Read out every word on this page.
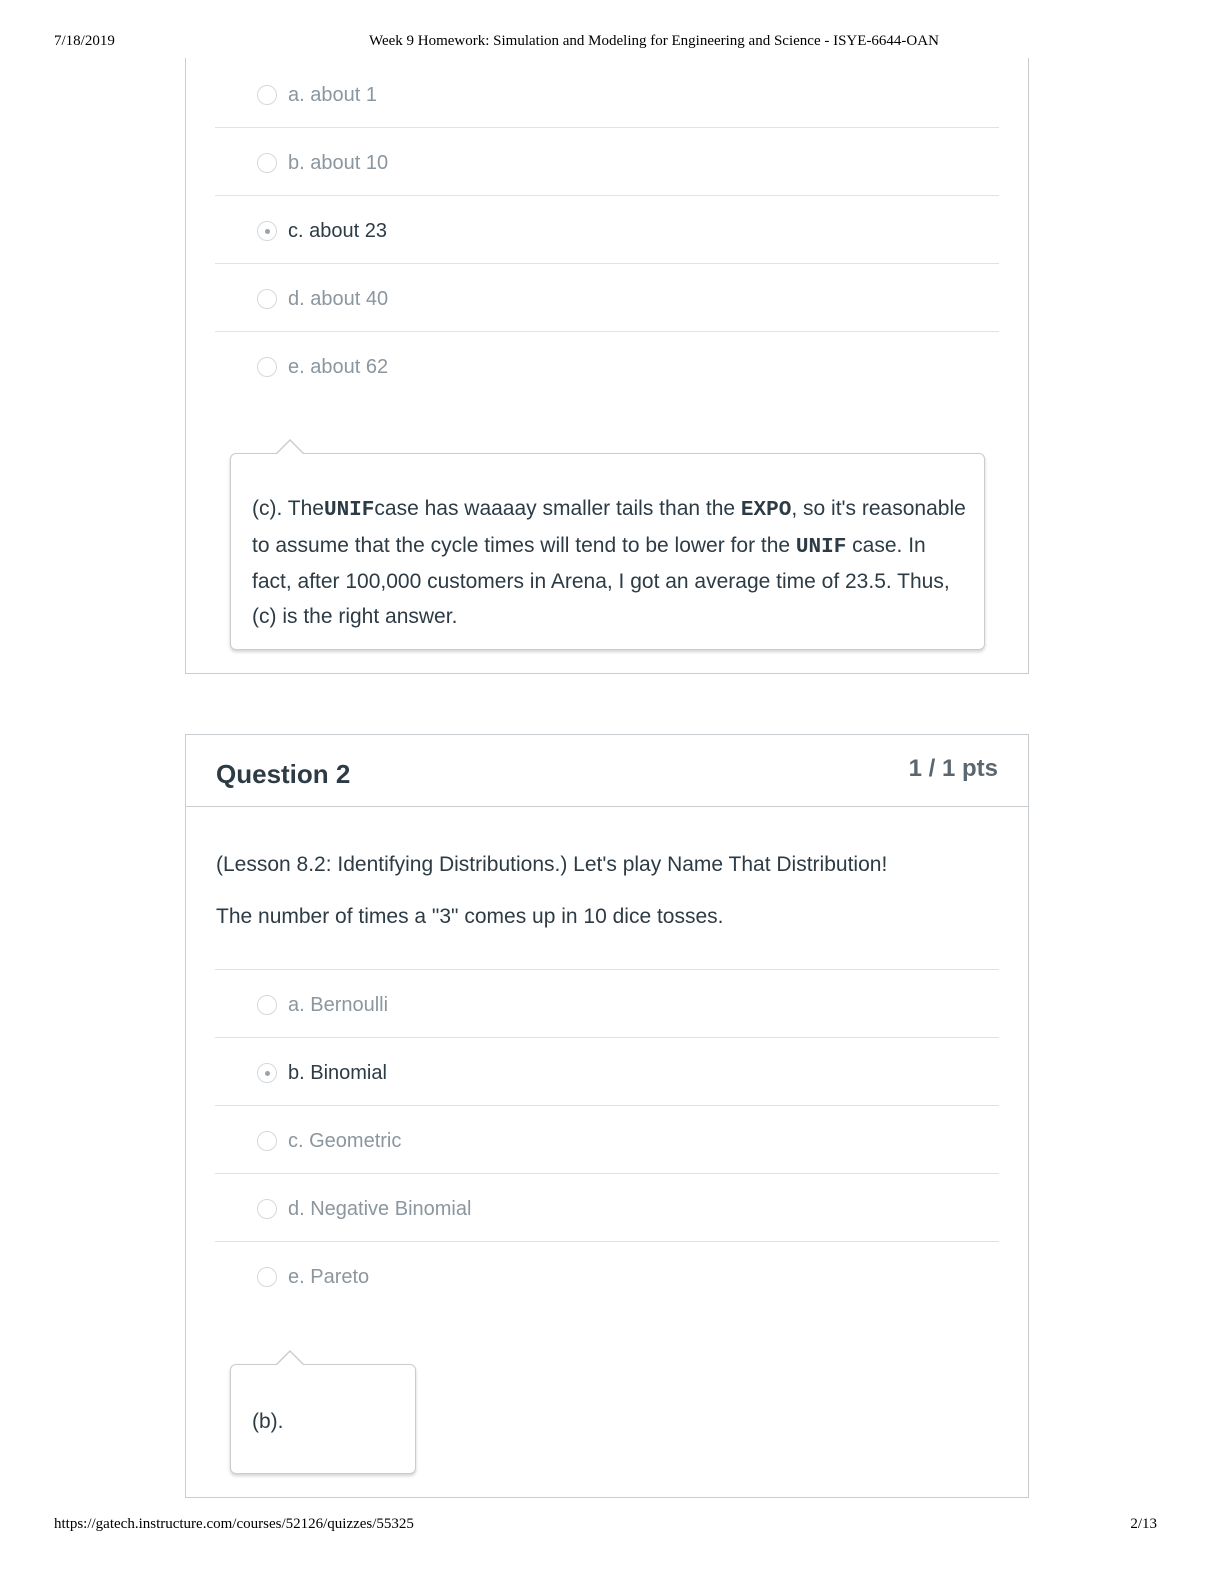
7/18/2019	Week 9 Homework: Simulation and Modeling for Engineering and Science - ISYE-6644-OAN
a. about 1
b. about 10
c. about 23
d. about 40
e. about 62
(c). TheUNIFcase has waaaay smaller tails than the EXPO, so it's reasonable to assume that the cycle times will tend to be lower for the UNIF case. In fact, after 100,000 customers in Arena, I got an average time of 23.5. Thus, (c) is the right answer.
Question 2	1 / 1 pts
(Lesson 8.2: Identifying Distributions.) Let's play Name That Distribution!
The number of times a "3" comes up in 10 dice tosses.
a. Bernoulli
b. Binomial
c. Geometric
d. Negative Binomial
e. Pareto
(b).
https://gatech.instructure.com/courses/52126/quizzes/55325	2/13
